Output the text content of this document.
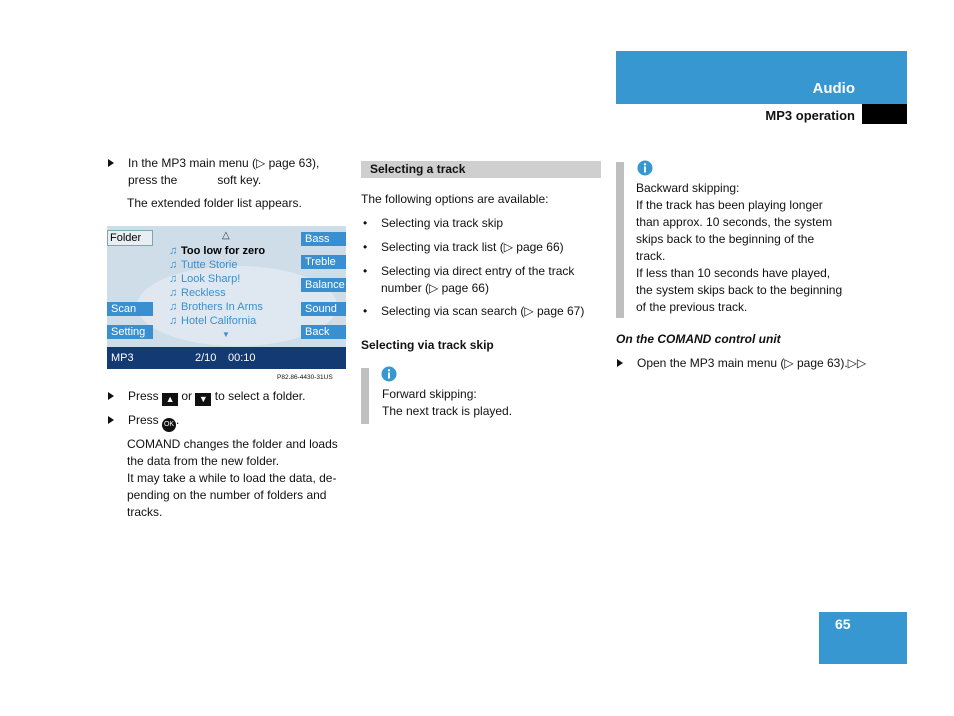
Audio
MP3 operation
In the MP3 main menu (▷ page 63),
press the	soft key.
The extended folder list appears.
Folder	△
Scan
Setting
Bass
Treble
Balance
Sound
Back
♫ Too low for zero
♫ Tutte Storie
♫ Look Sharp!
♫ Reckless
♫ Brothers In Arms
♫ Hotel California
▼
MP3	2/10 00:10
P82.86-4430-31US
Press ▲ or ▼ to select a folder.
Press OK .
COMAND changes the folder and loads
the data from the new folder.
It may take a while to load the data, de-
pending on the number of folders and
tracks.
Selecting a track
The following options are available:
• Selecting via track skip
• Selecting via track list (▷ page 66)
• Selecting via direct entry of the track
number (▷ page 66)
• Selecting via scan search (▷ page 67)
Selecting via track skip
Forward skipping:
The next track is played.
Backward skipping:
If the track has been playing longer
than approx. 10 seconds, the system
skips back to the beginning of the
track.
If less than 10 seconds have played,
the system skips back to the beginning
of the previous track.
On the COMAND control unit
Open the MP3 main menu (▷ page 63).▷▷
65
